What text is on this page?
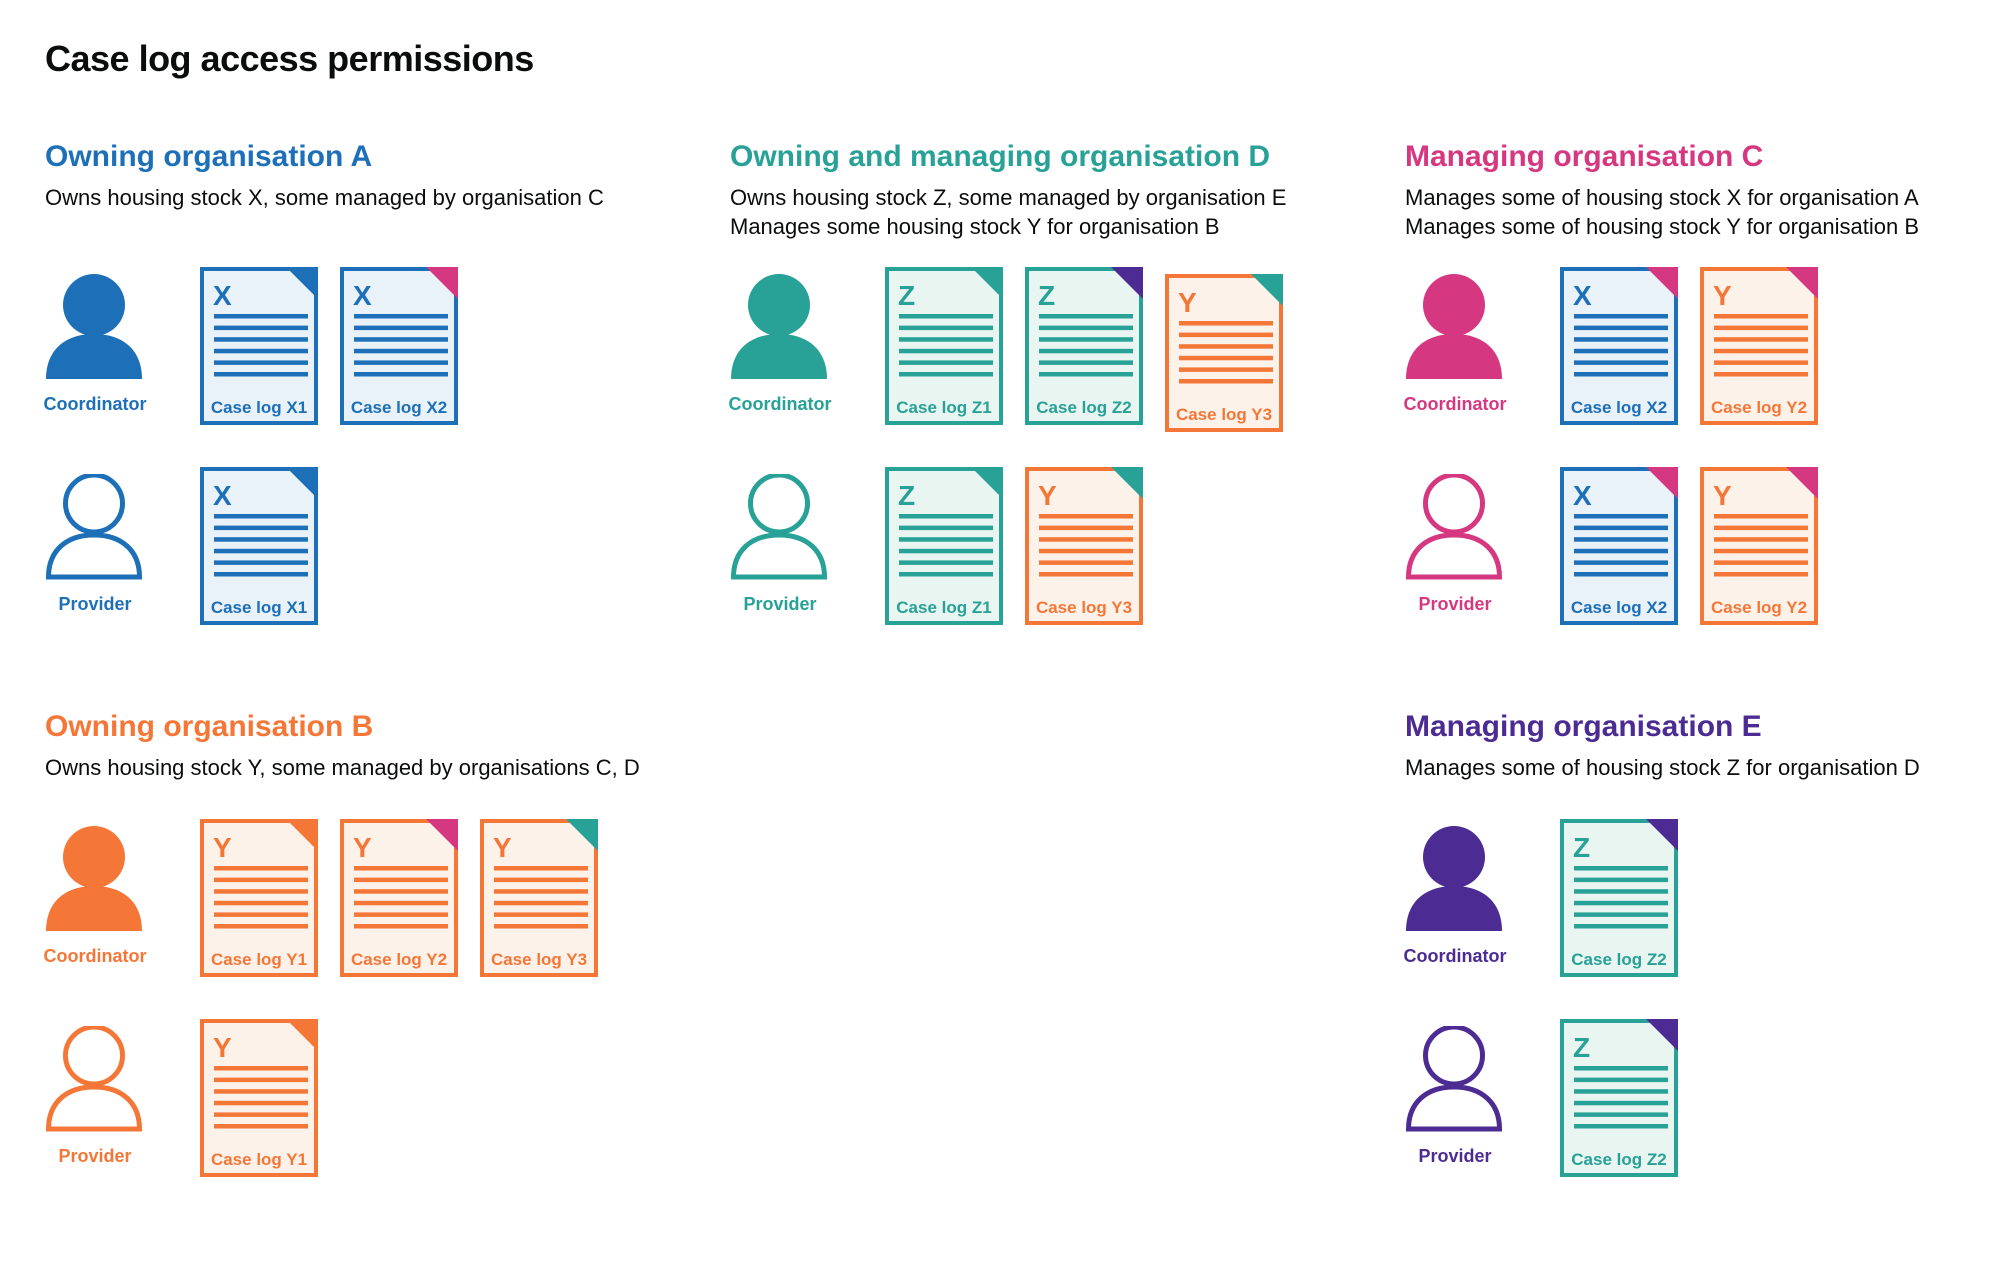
Case log access permissions
Owning organisation A

Owns housing stock X, some managed by organisation C

Coordinator
X
Case log X1
X
Case log X2
Provider
X
Case log X1
Owning and managing organisation D

Owns housing stock Z, some managed by organisation E

Manages some housing stock Y for organisation B

Coordinator
Z
Case log Z1
Z
Case log Z2
Y
Case log Y3
Provider
Z
Case log Z1
Y
Case log Y3
Managing organisation C

Manages some of housing stock X for organisation A

Manages some of housing stock Y for organisation B

Coordinator
X
Case log X2
Y
Case log Y2
Provider
X
Case log X2
Y
Case log Y2
Owning organisation B

Owns housing stock Y, some managed by organisations C, D

Coordinator
Y
Case log Y1
Y
Case log Y2
Y
Case log Y3
Provider
Y
Case log Y1
Managing organisation E

Manages some of housing stock Z for organisation D

Coordinator
Z
Case log Z2
Provider
Z
Case log Z2
